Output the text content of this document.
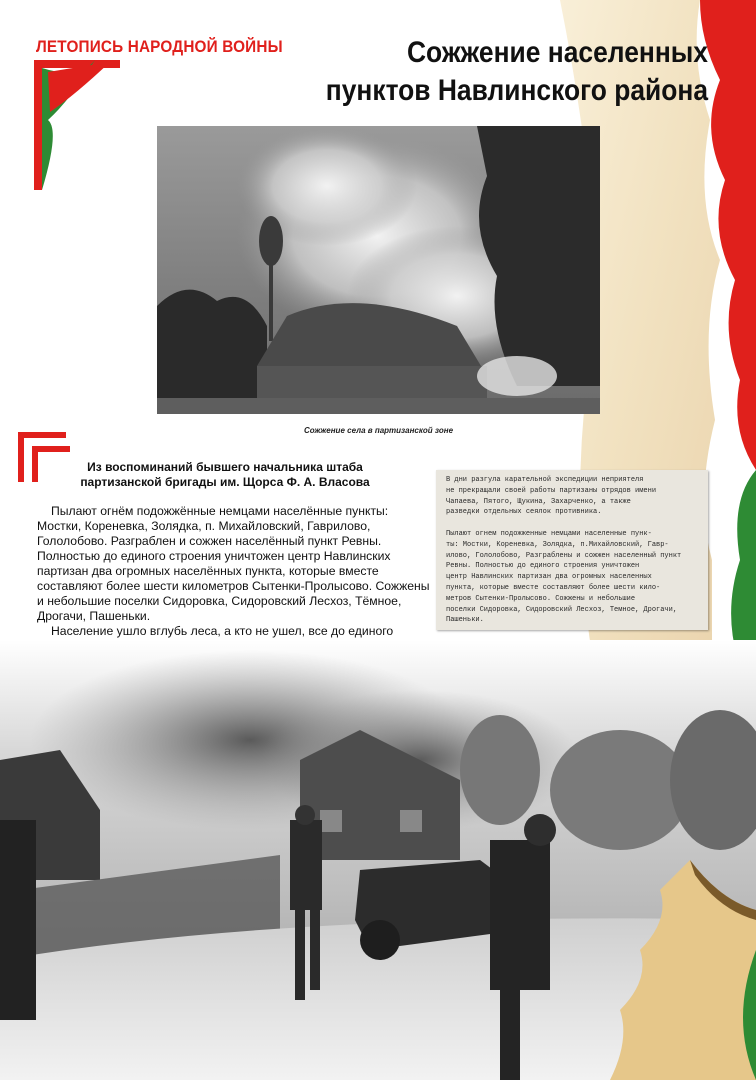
ЛЕТОПИСЬ НАРОДНОЙ ВОЙНЫ	Сожжение населенных
пунктов Навлинского района
Сожжение села в партизанской зоне
Из воспоминаний бывшего начальника штаба
партизанской бригады им. Щорса Ф. А. Власова

Пылают огнём подожжённые немцами населённые пункты: Мостки, Кореневка, Золядка, п. Михайловский, Гаврилово, Гололобово. Разграблен и сожжен населённый пункт Ревны. Полностью до единого строения уничтожен центр Навлинских партизан два огромных населённых пункта, которые вместе составляют более шести километров Сытенки-Пролысово. Сожжены и небольшие поселки Сидоровка, Сидоровский Лесхоз, Тёмное, Дрогачи, Пашеньки.

Население ушло вглубь леса, а кто не ушел, все до единого

В дни разгула карательной экспедиции неприятеля
не прекращали своей работы партизаны отрядов имени
Чапаева, Пятого, Щукина, Захарченко, а также
разведки отдельных сеялок противника.
Пылают огнем подожженные немцами населенные пунк-
ты: Мостки, Кореневка, Золядка, п.Михайловский, Гавр-
илово, Гололобово, Разграблены и сожжен населенный пункт
Ревны. Полностью до единого строения уничтожен
центр Навлинских партизан два огромных населенных
пункта, которые вместе составляют более шести кило-
метров Сытенки-Пролысово. Сожжены и небольшие
поселки Сидоровка, Сидоровский Лесхоз, Темное, Дрогачи,
Пашеньки.
